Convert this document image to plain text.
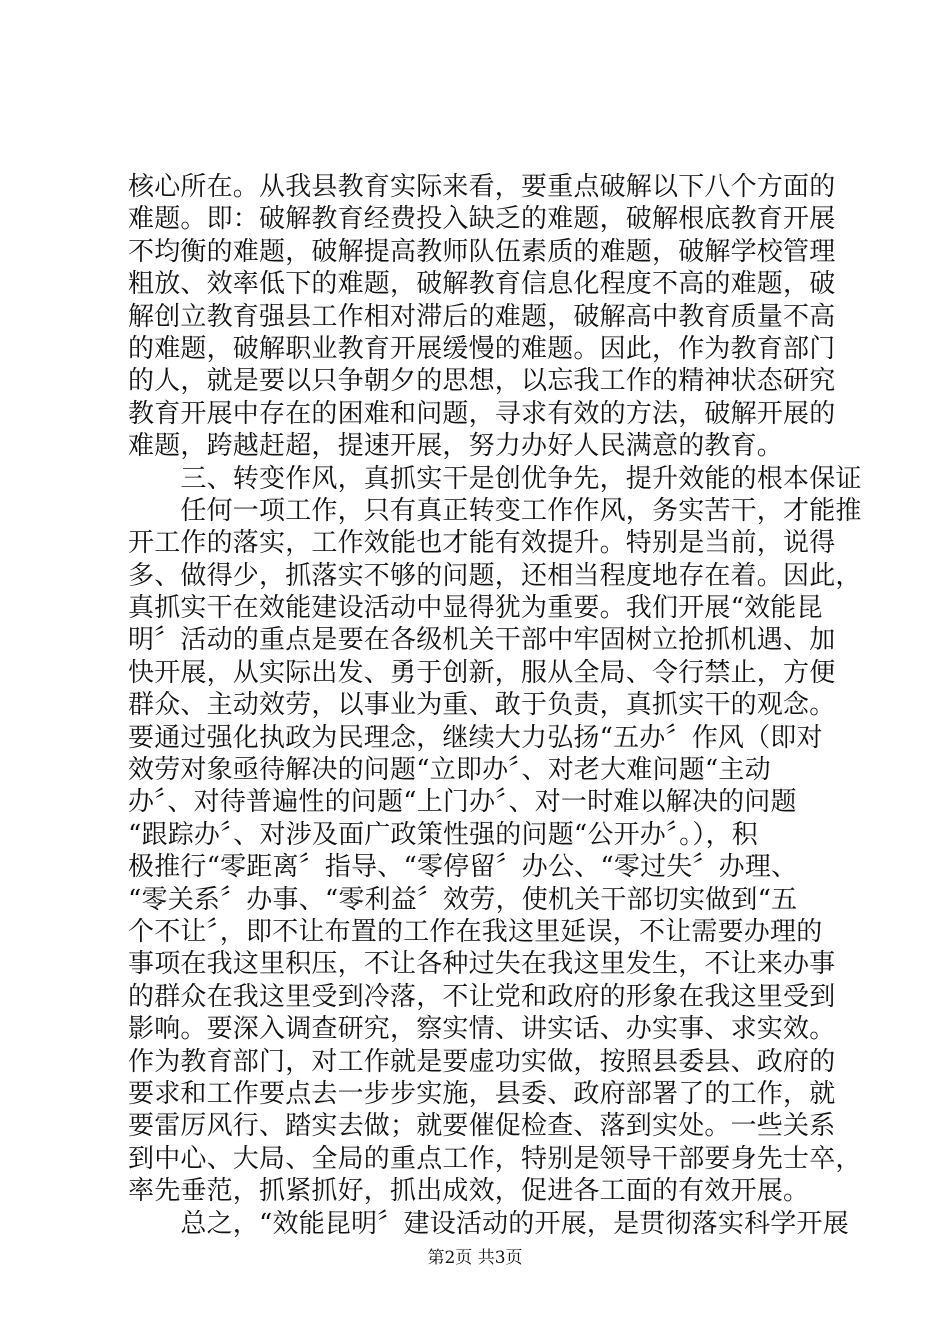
核心所在。从我县教育实际来看，要重点破解以下八个方面的
难题。即：破解教育经费投入缺乏的难题，破解根底教育开展
不均衡的难题，破解提高教师队伍素质的难题，破解学校管理
粗放、效率低下的难题，破解教育信息化程度不高的难题，破
解创立教育强县工作相对滞后的难题，破解高中教育质量不高
的难题，破解职业教育开展缓慢的难题。因此，作为教育部门
的人，就是要以只争朝夕的思想，以忘我工作的精神状态研究
教育开展中存在的困难和问题，寻求有效的方法，破解开展的
难题，跨越赶超，提速开展，努力办好人民满意的教育。
　　三、转变作风，真抓实干是创优争先，提升效能的根本保证
　　任何一项工作，只有真正转变工作作风，务实苦干，才能推
开工作的落实，工作效能也才能有效提升。特别是当前，说得
多、做得少，抓落实不够的问题，还相当程度地存在着。因此，
真抓实干在效能建设活动中显得犹为重要。我们开展“效能昆
明〞活动的重点是要在各级机关干部中牢固树立抢抓机遇、加
快开展，从实际出发、勇于创新，服从全局、令行禁止，方便
群众、主动效劳，以事业为重、敢于负责，真抓实干的观念。
要通过强化执政为民理念，继续大力弘扬“五办〞作风（即对
效劳对象亟待解决的问题“立即办〞、对老大难问题“主动
办〞、对待普遍性的问题“上门办〞、对一时难以解决的问题
“跟踪办〞、对涉及面广政策性强的问题“公开办〞。），积
极推行“零距离〞指导、“零停留〞办公、“零过失〞办理、
“零关系〞办事、“零利益〞效劳，使机关干部切实做到“五
个不让〞，即不让布置的工作在我这里延误，不让需要办理的
事项在我这里积压，不让各种过失在我这里发生，不让来办事
的群众在我这里受到冷落，不让党和政府的形象在我这里受到
影响。要深入调查研究，察实情、讲实话、办实事、求实效。
作为教育部门，对工作就是要虚功实做，按照县委县、政府的
要求和工作要点去一步步实施，县委、政府部署了的工作，就
要雷厉风行、踏实去做；就要催促检查、落到实处。一些关系
到中心、大局、全局的重点工作，特别是领导干部要身先士卒，
率先垂范，抓紧抓好，抓出成效，促进各工面的有效开展。
　　总之，“效能昆明〞建设活动的开展，是贯彻落实科学开展
第2页 共3页
